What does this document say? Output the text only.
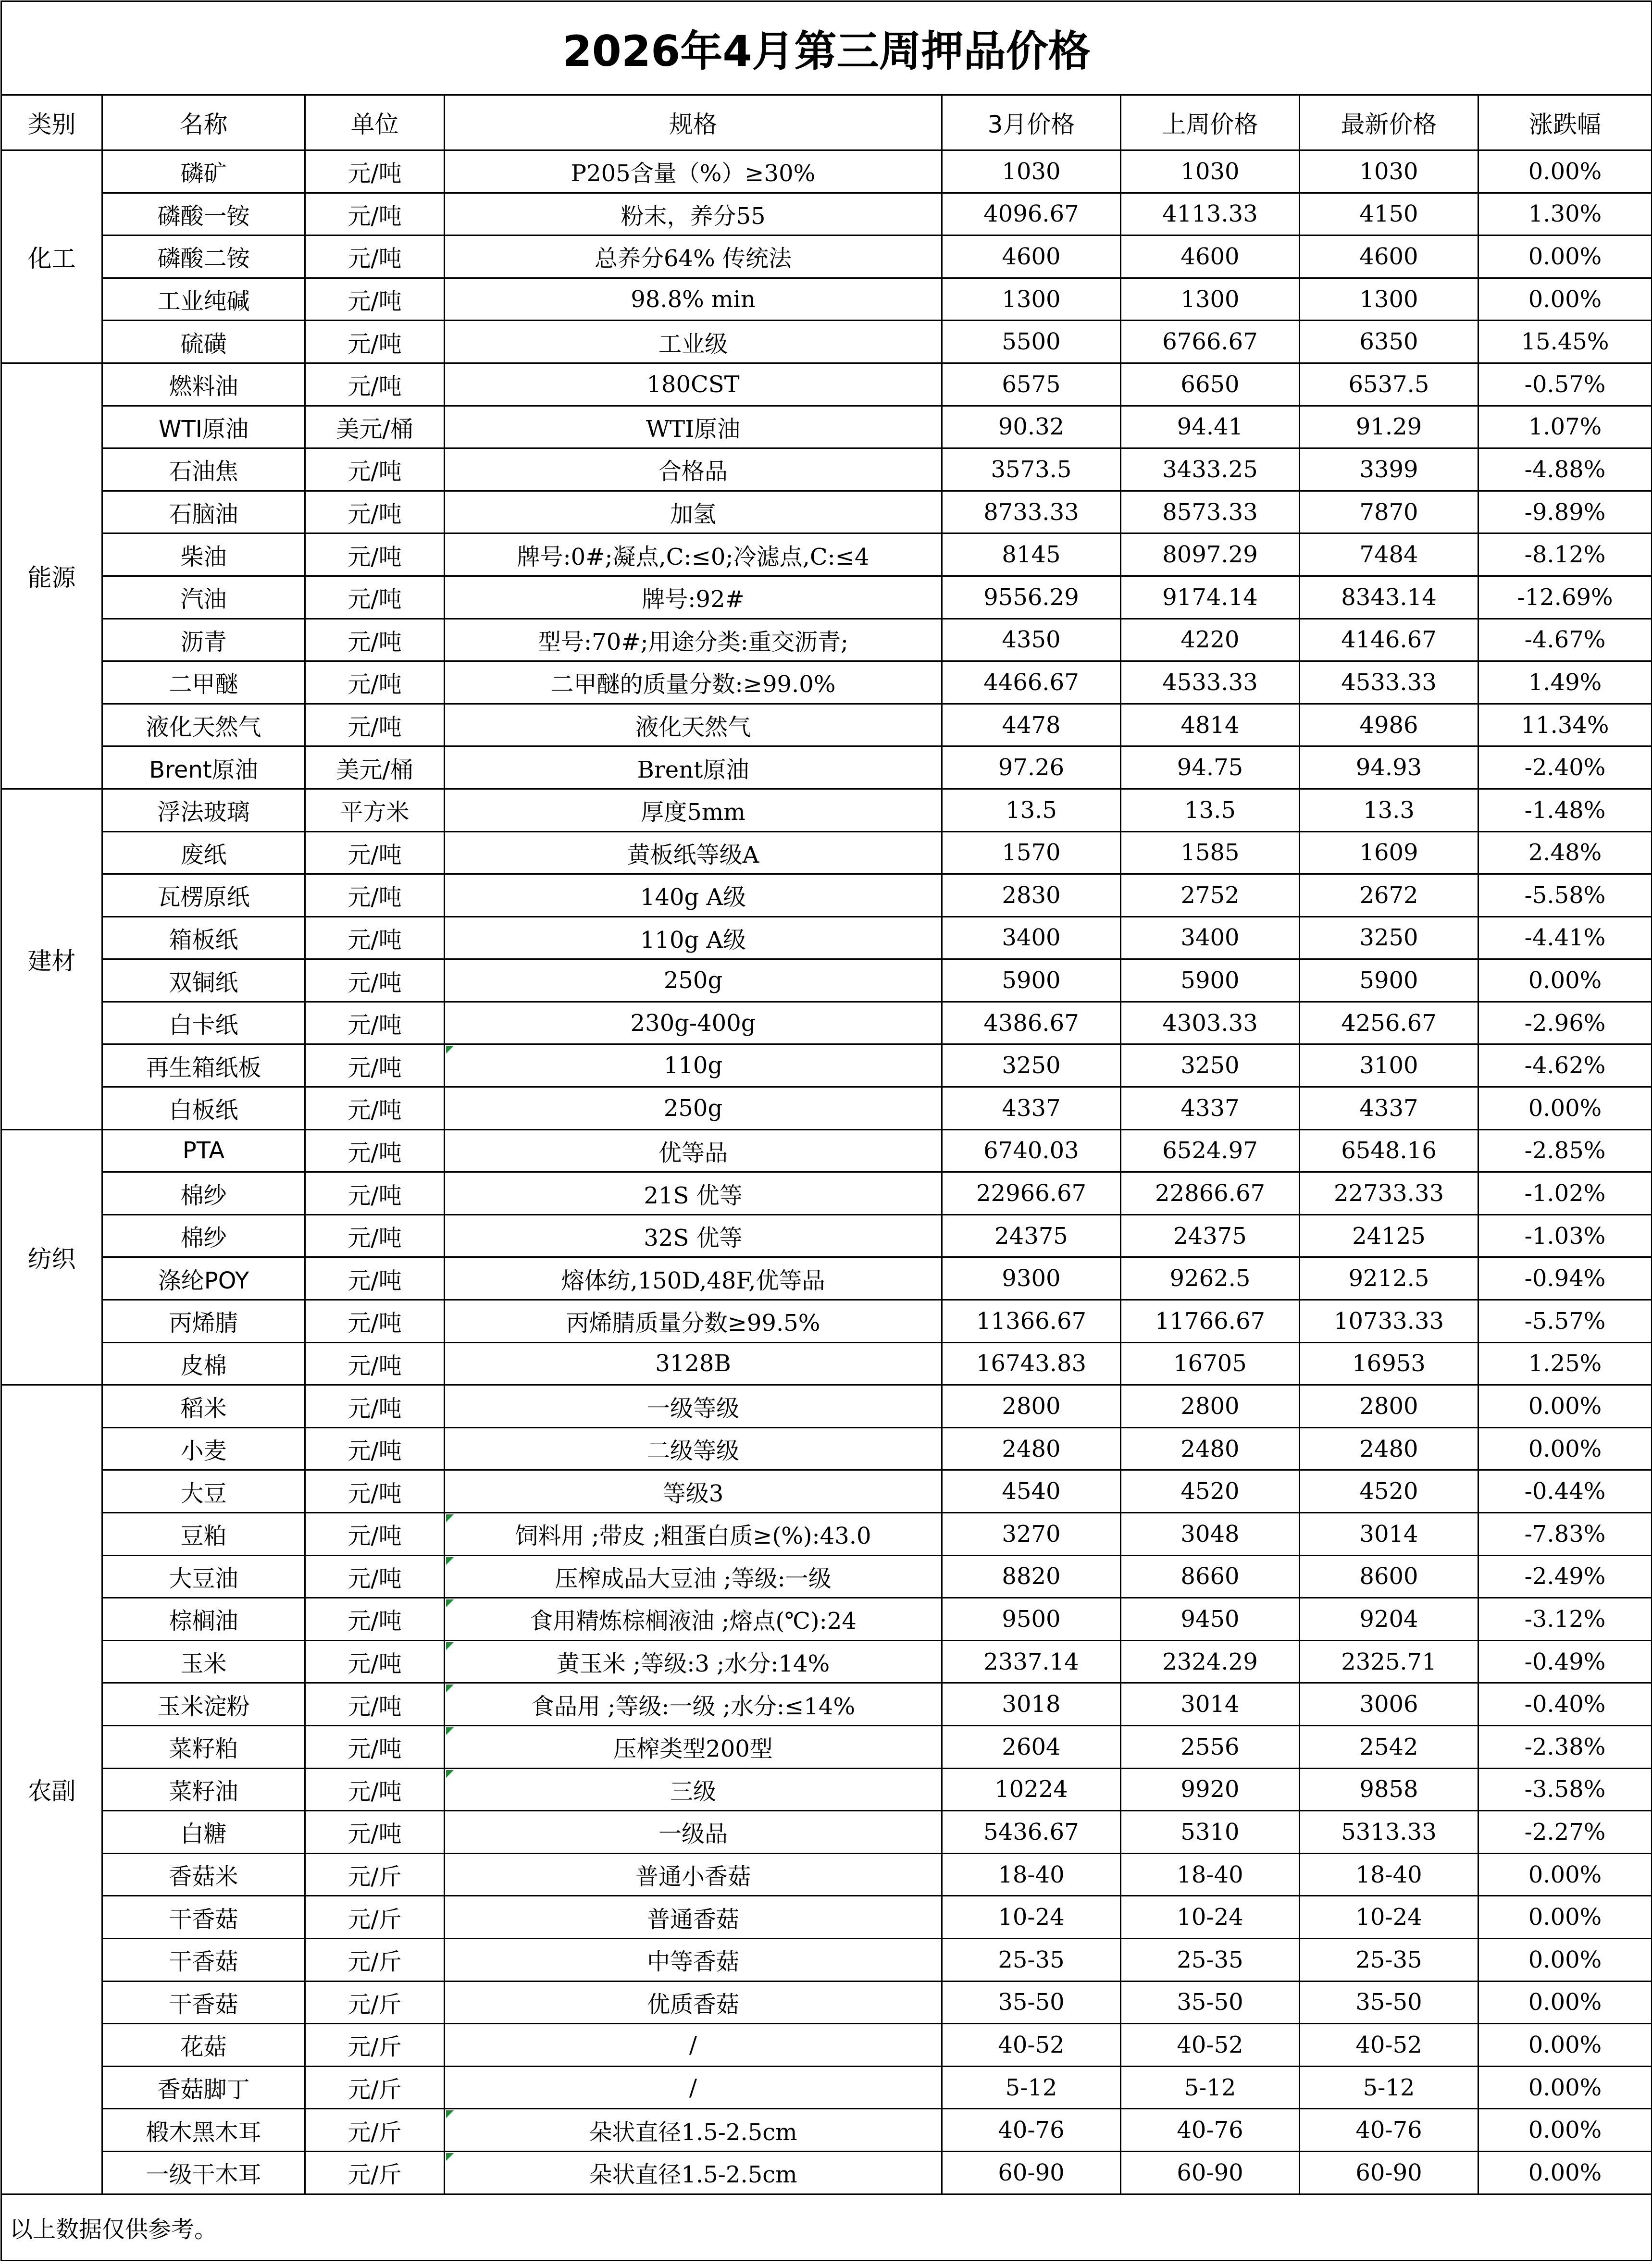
2026年4月第三周押品价格							
类别	名称	单位	规格	3月价格	上周价格	最新价格	涨跌幅
化工	磷矿	元/吨	P205含量（%）≥30%	1030	1030	1030	0.00%
	磷酸一铵	元/吨	粉末，养分55	4096.67	4113.33	4150	1.30%
	磷酸二铵	元/吨	总养分64% 传统法	4600	4600	4600	0.00%
	工业纯碱	元/吨	98.8% min	1300	1300	1300	0.00%
	硫磺	元/吨	工业级	5500	6766.67	6350	15.45%
能源	燃料油	元/吨	180CST	6575	6650	6537.5	-0.57%
	WTI原油	美元/桶	WTI原油	90.32	94.41	91.29	1.07%
	石油焦	元/吨	合格品	3573.5	3433.25	3399	-4.88%
	石脑油	元/吨	加氢	8733.33	8573.33	7870	-9.89%
	柴油	元/吨	牌号:0#;凝点,C:≤0;冷滤点,C:≤4	8145	8097.29	7484	-8.12%
	汽油	元/吨	牌号:92#	9556.29	9174.14	8343.14	-12.69%
	沥青	元/吨	型号:70#;用途分类:重交沥青;	4350	4220	4146.67	-4.67%
	二甲醚	元/吨	二甲醚的质量分数:≥99.0%	4466.67	4533.33	4533.33	1.49%
	液化天然气	元/吨	液化天然气	4478	4814	4986	11.34%
	Brent原油	美元/桶	Brent原油	97.26	94.75	94.93	-2.40%
建材	浮法玻璃	平方米	厚度5mm	13.5	13.5	13.3	-1.48%
	废纸	元/吨	黄板纸等级A	1570	1585	1609	2.48%
	瓦楞原纸	元/吨	140g A级	2830	2752	2672	-5.58%
	箱板纸	元/吨	110g A级	3400	3400	3250	-4.41%
	双铜纸	元/吨	250g	5900	5900	5900	0.00%
	白卡纸	元/吨	230g-400g	4386.67	4303.33	4256.67	-2.96%
	再生箱纸板	元/吨	110g	3250	3250	3100	-4.62%
	白板纸	元/吨	250g	4337	4337	4337	0.00%
纺织	PTA	元/吨	优等品	6740.03	6524.97	6548.16	-2.85%
	棉纱	元/吨	21S 优等	22966.67	22866.67	22733.33	-1.02%
	棉纱	元/吨	32S 优等	24375	24375	24125	-1.03%
	涤纶POY	元/吨	熔体纺,150D,48F,优等品	9300	9262.5	9212.5	-0.94%
	丙烯腈	元/吨	丙烯腈质量分数≥99.5%	11366.67	11766.67	10733.33	-5.57%
	皮棉	元/吨	3128B	16743.83	16705	16953	1.25%
农副	稻米	元/吨	一级等级	2800	2800	2800	0.00%
	小麦	元/吨	二级等级	2480	2480	2480	0.00%
	大豆	元/吨	等级3	4540	4520	4520	-0.44%
	豆粕	元/吨	饲料用 ;带皮 ;粗蛋白质≥(%):43.0	3270	3048	3014	-7.83%
	大豆油	元/吨	压榨成品大豆油 ;等级:一级	8820	8660	8600	-2.49%
	棕榈油	元/吨	食用精炼棕榈液油 ;熔点(℃):24	9500	9450	9204	-3.12%
	玉米	元/吨	黄玉米 ;等级:3 ;水分:14%	2337.14	2324.29	2325.71	-0.49%
	玉米淀粉	元/吨	食品用 ;等级:一级 ;水分:≤14%	3018	3014	3006	-0.40%
	菜籽粕	元/吨	压榨类型200型	2604	2556	2542	-2.38%
	菜籽油	元/吨	三级	10224	9920	9858	-3.58%
	白糖	元/吨	一级品	5436.67	5310	5313.33	-2.27%
	香菇米	元/斤	普通小香菇	18-40	18-40	18-40	0.00%
	干香菇	元/斤	普通香菇	10-24	10-24	10-24	0.00%
	干香菇	元/斤	中等香菇	25-35	25-35	25-35	0.00%
	干香菇	元/斤	优质香菇	35-50	35-50	35-50	0.00%
	花菇	元/斤	/	40-52	40-52	40-52	0.00%
	香菇脚丁	元/斤	/	5-12	5-12	5-12	0.00%
	椴木黑木耳	元/斤	朵状直径1.5-2.5cm	40-76	40-76	40-76	0.00%
	一级干木耳	元/斤	朵状直径1.5-2.5cm	60-90	60-90	60-90	0.00%
以上数据仅供参考。							
